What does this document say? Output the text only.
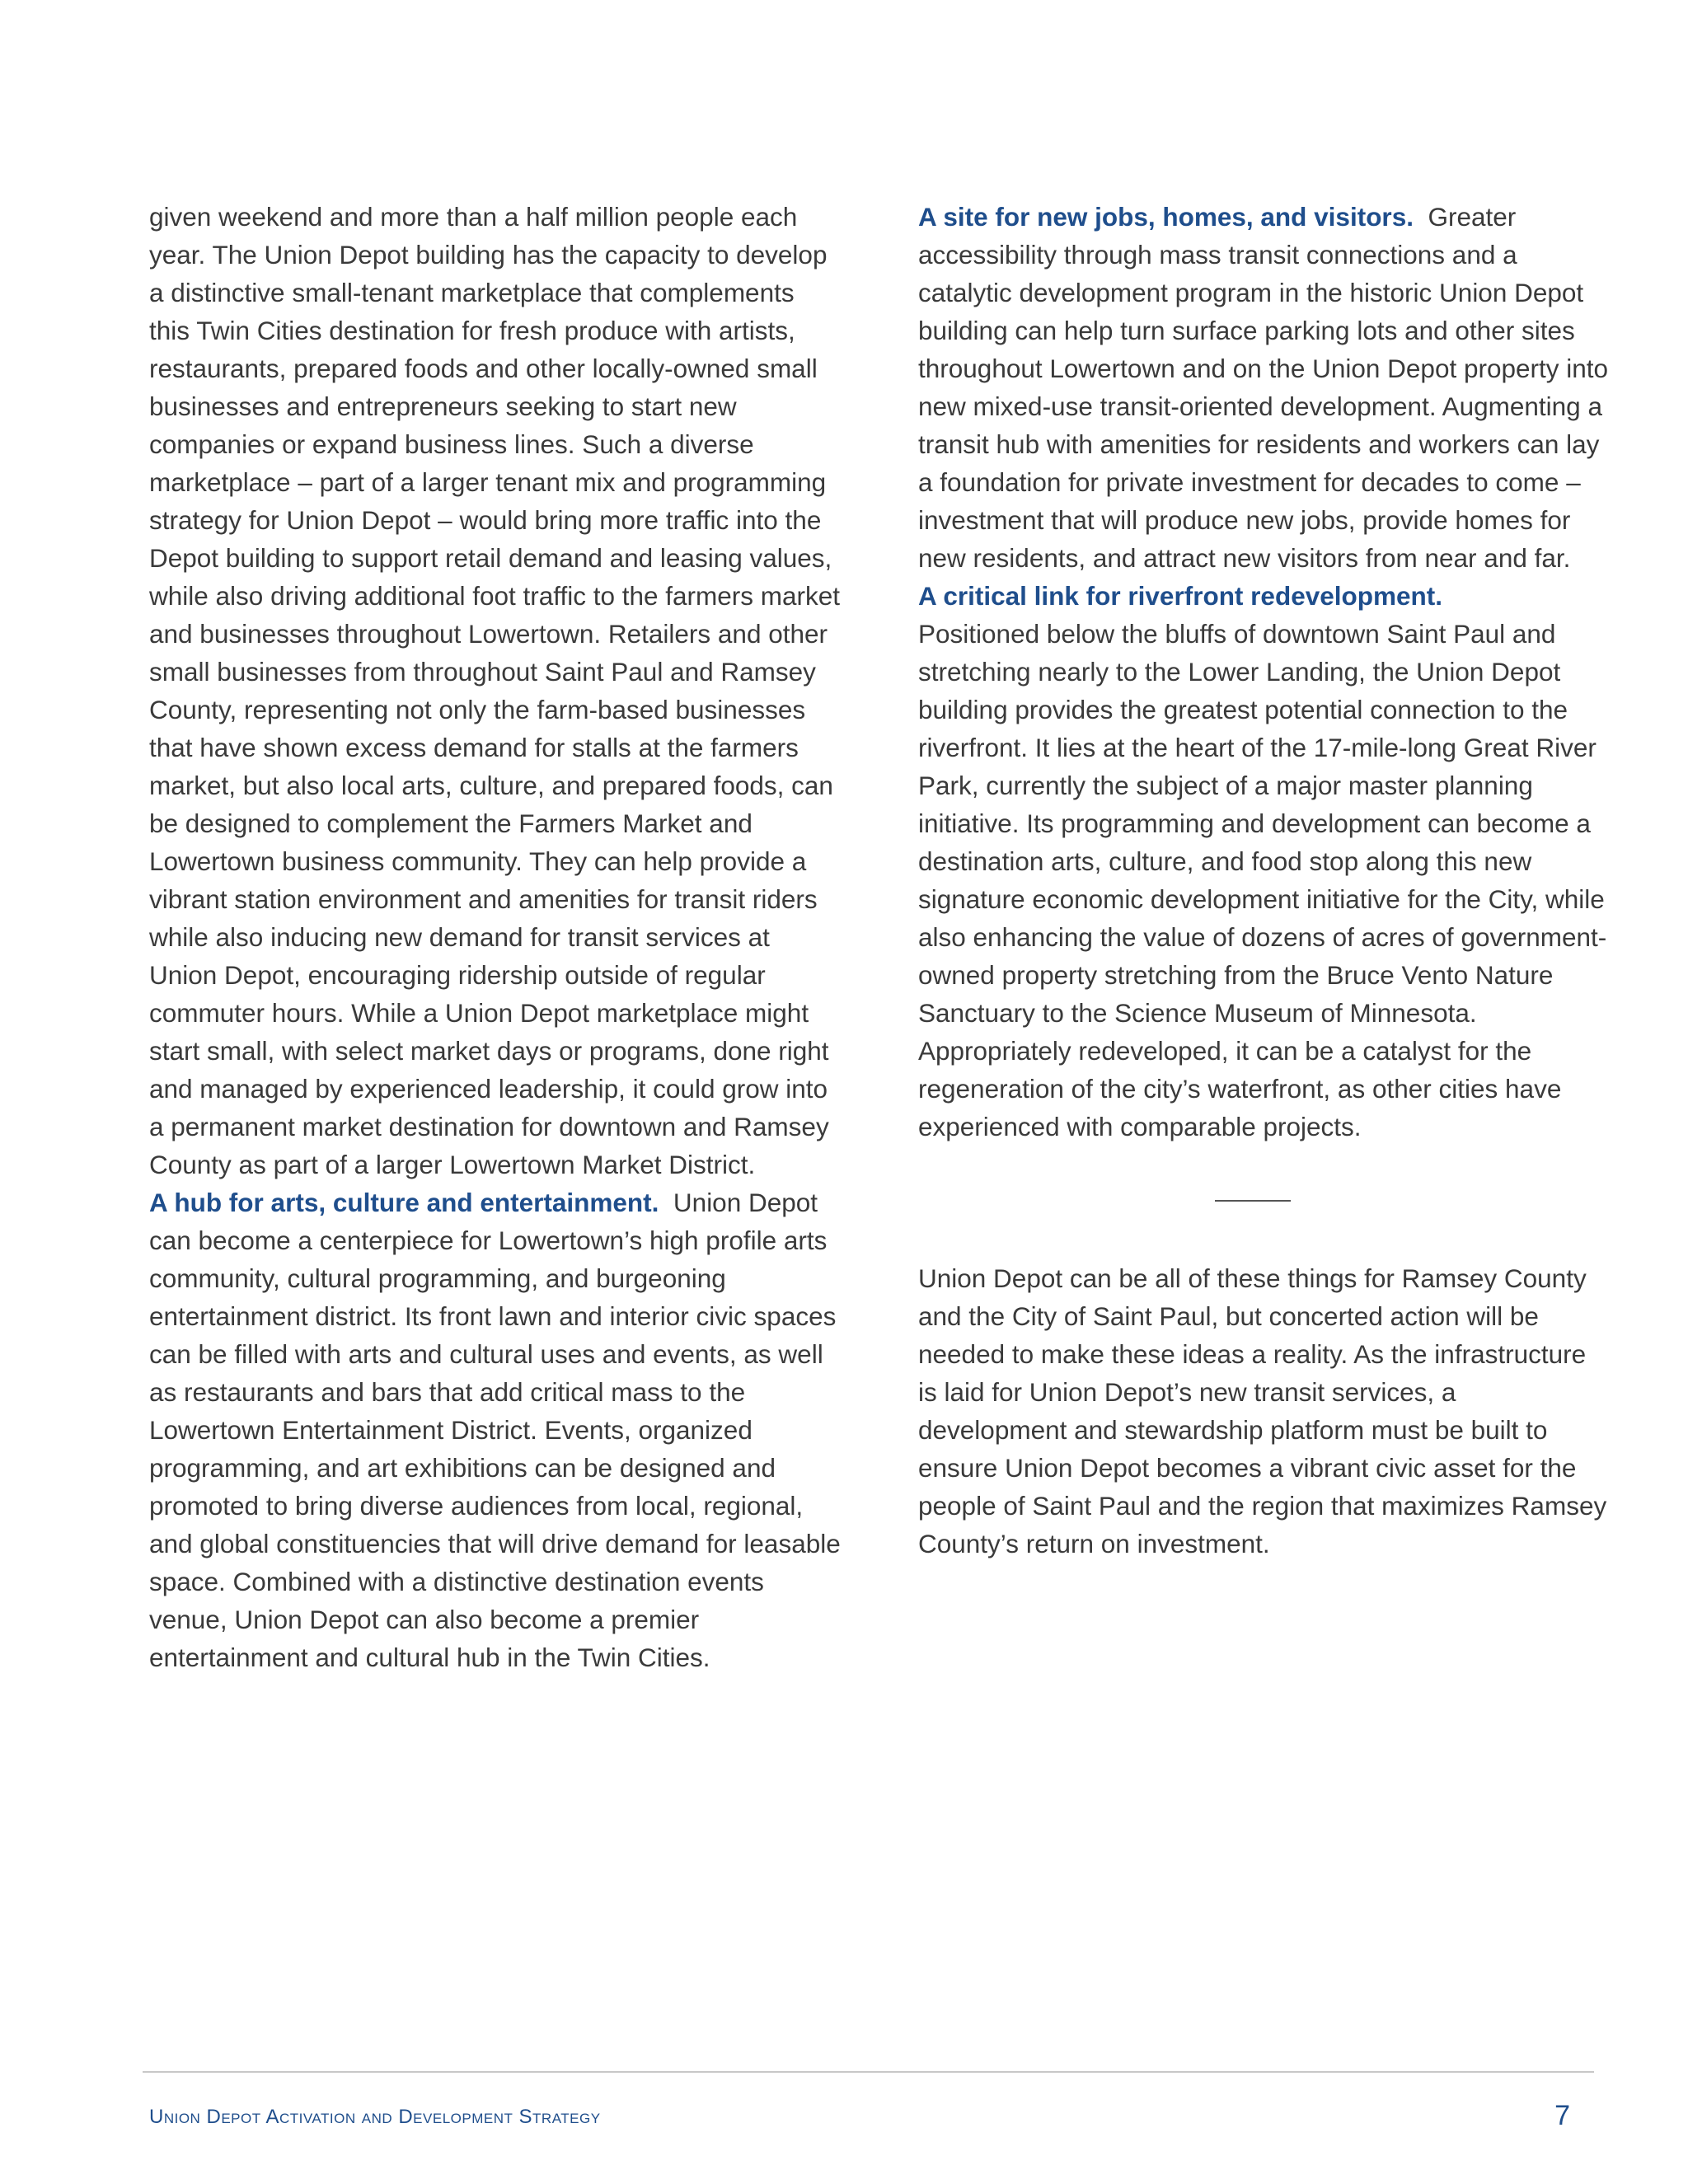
given weekend and more than a half million people each year. The Union Depot building has the capacity to develop a distinctive small-tenant marketplace that complements this Twin Cities destination for fresh produce with artists, restaurants, prepared foods and other locally-owned small businesses and entrepreneurs seeking to start new companies or expand business lines. Such a diverse marketplace – part of a larger tenant mix and programming strategy for Union Depot – would bring more traffic into the Depot building to support retail demand and leasing values, while also driving additional foot traffic to the farmers market and businesses throughout Lowertown. Retailers and other small businesses from throughout Saint Paul and Ramsey County, representing not only the farm-based businesses that have shown excess demand for stalls at the farmers market, but also local arts, culture, and prepared foods, can be designed to complement the Farmers Market and Lowertown business community. They can help provide a vibrant station environment and amenities for transit riders while also inducing new demand for transit services at Union Depot, encouraging ridership outside of regular commuter hours. While a Union Depot marketplace might start small, with select market days or programs, done right and managed by experienced leadership, it could grow into a permanent market destination for downtown and Ramsey County as part of a larger Lowertown Market District.

A hub for arts, culture and entertainment. Union Depot can become a centerpiece for Lowertown’s high profile arts community, cultural programming, and burgeoning entertainment district. Its front lawn and interior civic spaces can be filled with arts and cultural uses and events, as well as restaurants and bars that add critical mass to the Lowertown Entertainment District. Events, organized programming, and art exhibitions can be designed and promoted to bring diverse audiences from local, regional, and global constituencies that will drive demand for leasable space. Combined with a distinctive destination events venue, Union Depot can also become a premier entertainment and cultural hub in the Twin Cities.

A site for new jobs, homes, and visitors. Greater accessibility through mass transit connections and a catalytic development program in the historic Union Depot building can help turn surface parking lots and other sites throughout Lowertown and on the Union Depot property into new mixed-use transit-oriented development. Augmenting a transit hub with amenities for residents and workers can lay a foundation for private investment for decades to come – investment that will produce new jobs, provide homes for new residents, and attract new visitors from near and far.

A critical link for riverfront redevelopment.
Positioned below the bluffs of downtown Saint Paul and stretching nearly to the Lower Landing, the Union Depot building provides the greatest potential connection to the riverfront. It lies at the heart of the 17-mile-long Great River Park, currently the subject of a major master planning initiative. Its programming and development can become a destination arts, culture, and food stop along this new signature economic development initiative for the City, while also enhancing the value of dozens of acres of government-owned property stretching from the Bruce Vento Nature Sanctuary to the Science Museum of Minnesota. Appropriately redeveloped, it can be a catalyst for the regeneration of the city’s waterfront, as other cities have experienced with comparable projects.

Union Depot can be all of these things for Ramsey County and the City of Saint Paul, but concerted action will be needed to make these ideas a reality. As the infrastructure is laid for Union Depot’s new transit services, a development and stewardship platform must be built to ensure Union Depot becomes a vibrant civic asset for the people of Saint Paul and the region that maximizes Ramsey County’s return on investment.

Union Depot Activation and Development Strategy	7
